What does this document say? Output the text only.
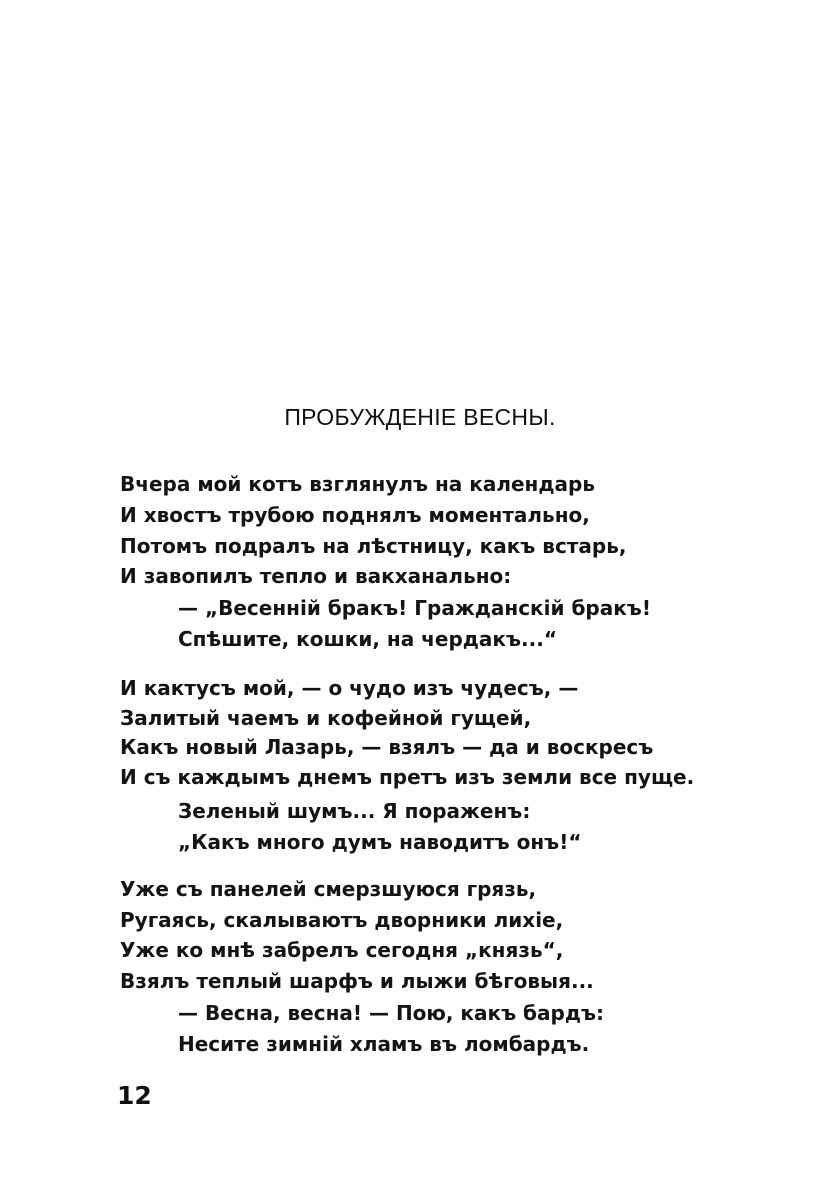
ПРОБУЖДЕНІЕ ВЕСНЫ.
Вчера мой котъ взглянулъ на календарь
И хвостъ трубою поднялъ моментально,
Потомъ подралъ на лѣстницу, какъ встарь,
И завопилъ тепло и вакханально:
— „Весенній бракъ! Гражданскій бракъ!
Спѣшите, кошки, на чердакъ...“
И кактусъ мой, — о чудо изъ чудесъ, —
Залитый чаемъ и кофейной гущей,
Какъ новый Лазарь, — взялъ — да и воскресъ
И съ каждымъ днемъ претъ изъ земли все пуще.
Зеленый шумъ... Я пораженъ:
„Какъ много думъ наводитъ онъ!“
Уже съ панелей смерзшуюся грязь,
Ругаясь, скалываютъ дворники лихіе,
Уже ко мнѣ забрелъ сегодня „князь“,
Взялъ теплый шарфъ и лыжи бѣговыя...
— Весна, весна! — Пою, какъ бардъ:
Несите зимній хламъ въ ломбардъ.
12
